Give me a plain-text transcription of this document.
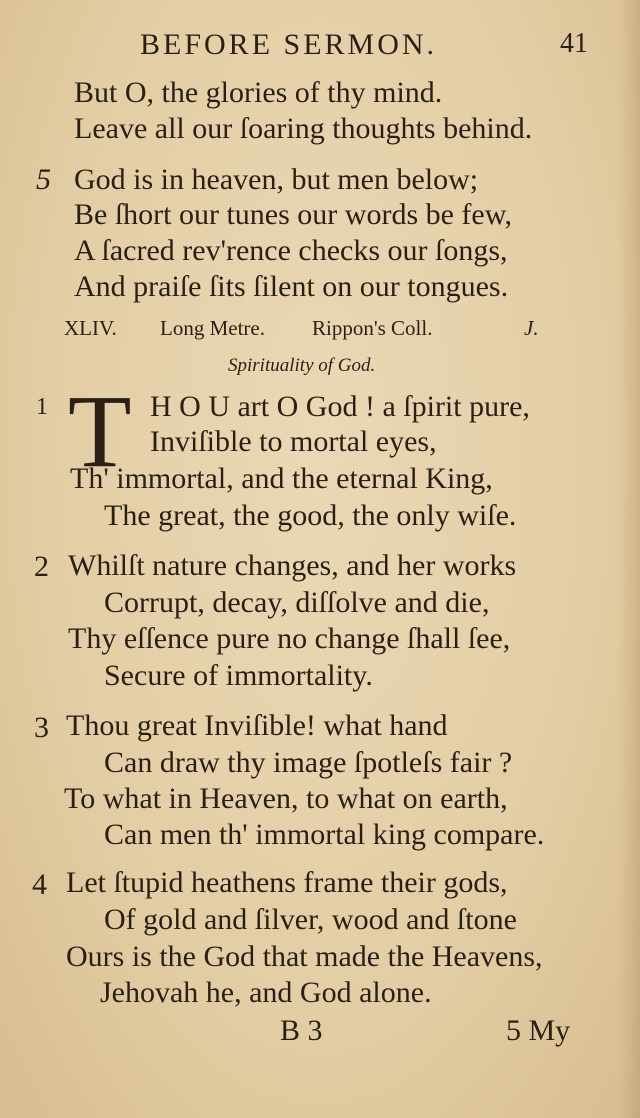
BEFORE SERMON.	41
But O, the glories of thy mind.
Leave all our ſoaring thoughts behind.
5 God is in heaven, but men below;
Be ſhort our tunes our words be few,
A ſacred rev'rence checks our ſongs,
And praiſe ſits ſilent on our tongues.
XLIV. Long Metre. Rippon's Coll.	J.
Spirituality of God.
1 T H O U art O God ! a ſpirit pure,
Inviſible to mortal eyes,
Th' immortal, and the eternal King,
The great, the good, the only wiſe.
2 Whilſt nature changes, and her works
Corrupt, decay, diſſolve and die,
Thy eſſence pure no change ſhall ſee,
Secure of immortality.
3 Thou great Inviſible! what hand
Can draw thy image ſpotleſs fair ?
To what in Heaven, to what on earth,
Can men th' immortal king compare.
4 Let ſtupid heathens frame their gods,
Of gold and ſilver, wood and ſtone
Ours is the God that made the Heavens,
Jehovah he, and God alone.
B 3	5 My
